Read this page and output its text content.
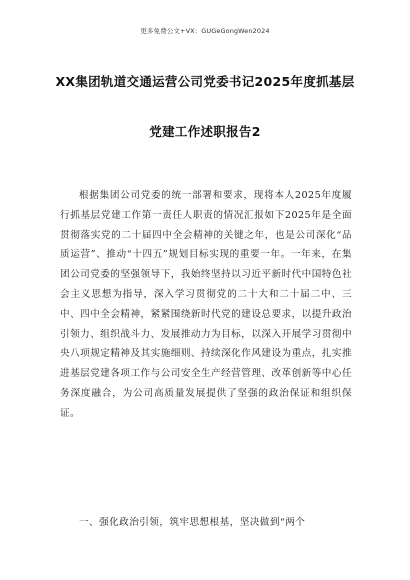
更多免费公文+VX：GUGeGongWen2024
XX集团轨道交通运营公司党委书记2025年度抓基层
党建工作述职报告2

根据集团公司党委的统一部署和要求，现将本人2025年度履行抓基层党建工作第一责任人职责的情况汇报如下2025年是全面贯彻落实党的二十届四中全会精神的关键之年，也是公司深化“品质运营”、推动“十四五”规划目标实现的重要一年。一年来，在集团公司党委的坚强领导下，我始终坚持以习近平新时代中国特色社会主义思想为指导，深入学习贯彻党的二十大和二十届二中、三中、四中全会精神，紧紧围绕新时代党的建设总要求，以提升政治引领力、组织战斗力、发展推动力为目标，以深入开展学习贯彻中央八项规定精神及其实施细则、持续深化作风建设为重点，扎实推进基层党建各项工作与公司安全生产经营管理、改革创新等中心任务深度融合，为公司高质量发展提供了坚强的政治保证和组织保证。

一、强化政治引领，筑牢思想根基，坚决做到“两个
